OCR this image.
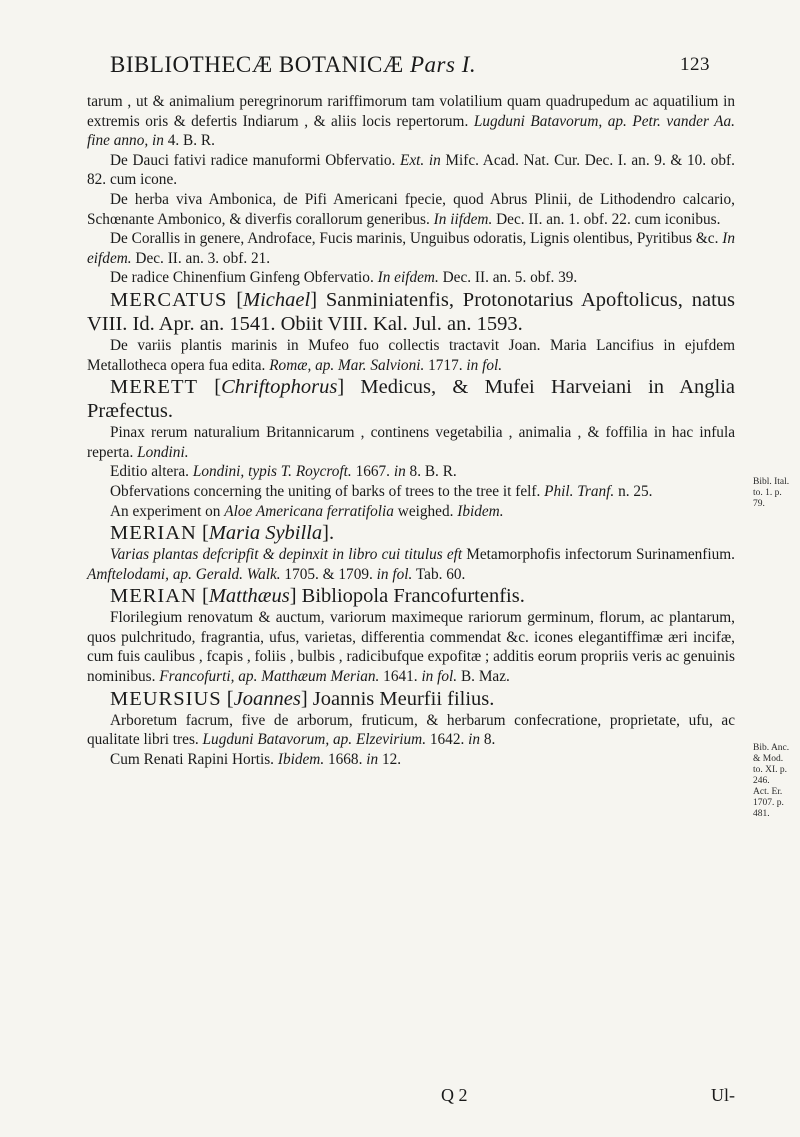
BIBLIOTHECÆ BOTANICÆ Pars I.	123

tarum , ut & animalium peregrinorum rariffimorum tam volatilium quam quadrupedum ac aquatilium in extremis oris & defertis Indiarum , & aliis locis repertorum. Lugduni Batavorum, ap. Petr. vander Aa. fine anno, in 4. B. R.

De Dauci fativi radice manuformi Obfervatio. Ext. in Mifc. Acad. Nat. Cur. Dec. I. an. 9. & 10. obf. 82. cum icone.

De herba viva Ambonica, de Pifi Americani fpecie, quod Abrus Plinii, de Lithodendro calcario, Schœnante Ambonico, & diverfis corallorum generibus. In iifdem. Dec. II. an. 1. obf. 22. cum iconibus.

De Corallis in genere, Androface, Fucis marinis, Unguibus odoratis, Lignis olentibus, Pyritibus &c. In eifdem. Dec. II. an. 3. obf. 21.

De radice Chinenfium Ginfeng Obfervatio. In eifdem. Dec. II. an. 5. obf. 39.

MERCATUS [Michael] Sanminiatenfis, Protonotarius Apoftolicus, natus VIII. Id. Apr. an. 1541. Obiit VIII. Kal. Jul. an. 1593.

De variis plantis marinis in Mufeo fuo collectis tractavit Joan. Maria Lancifius in ejufdem Metallotheca opera fua edita. Romæ, ap. Mar. Salvioni. 1717. in fol.

MERETT [Chriftophorus] Medicus, & Mufei Harveiani in Anglia Præfectus.

Pinax rerum naturalium Britannicarum , continens vegetabilia , animalia , & foffilia in hac infula reperta. Londini.

Editio altera. Londini, typis T. Roycroft. 1667. in 8. B. R.

Obfervations concerning the uniting of barks of trees to the tree it felf. Phil. Tranf. n. 25.

An experiment on Aloe Americana ferratifolia weighed. Ibidem.

MERIAN [Maria Sybilla].

Varias plantas defcripfit & depinxit in libro cui titulus eft Metamorphofis infectorum Surinamenfium. Amftelodami, ap. Gerald. Walk. 1705. & 1709. in fol. Tab. 60.

MERIAN [Matthæus] Bibliopola Francofurtenfis.

Florilegium renovatum & auctum, variorum maximeque rariorum germinum, florum, ac plantarum, quos pulchritudo, fragrantia, ufus, varietas, differentia commendat &c. icones elegantiffimæ æri incifæ, cum fuis caulibus , fcapis , foliis , bulbis , radicibufque expofitæ ; additis eorum propriis veris ac genuinis nominibus. Francofurti, ap. Matthæum Merian. 1641. in fol. B. Maz.

MEURSIUS [Joannes] Joannis Meurfii filius.

Arboretum facrum, five de arborum, fruticum, & herbarum confecratione, proprietate, ufu, ac qualitate libri tres. Lugduni Batavorum, ap. Elzevirium. 1642. in 8.

Cum Renati Rapini Hortis. Ibidem. 1668. in 12.

Bibl. Ital.
to. 1. p.
79.
Bib. Anc.
& Mod.
to. XI. p.
246.
Act. Er.
1707. p.
481.
Q 2	Ul-
